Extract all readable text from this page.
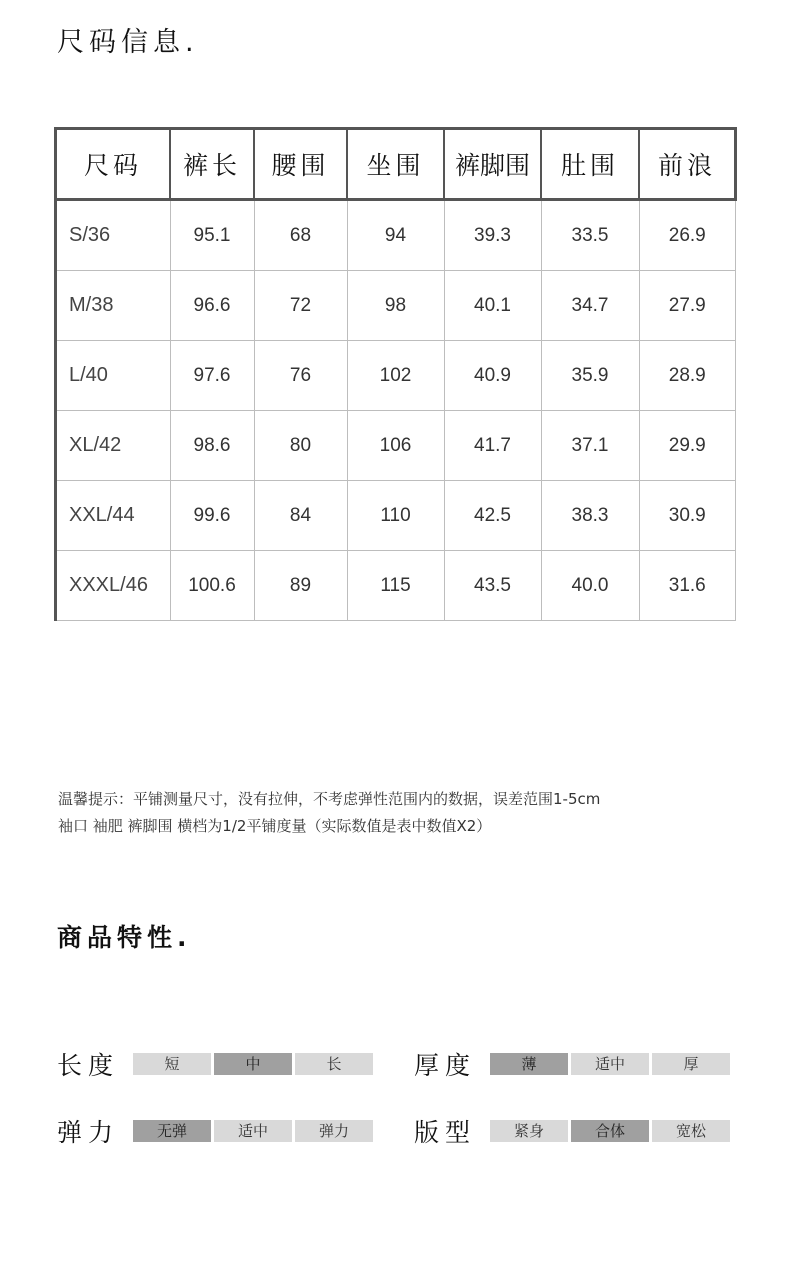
尺码信息.
尺码	裤长	腰围	坐围	裤脚围	肚围	前浪
S/36	95.1	68	94	39.3	33.5	26.9
M/38	96.6	72	98	40.1	34.7	27.9
L/40	97.6	76	102	40.9	35.9	28.9
XL/42	98.6	80	106	41.7	37.1	29.9
XXL/44	99.6	84	110	42.5	38.3	30.9
XXXL/46	100.6	89	115	43.5	40.0	31.6
温馨提示：平铺测量尺寸，没有拉伸，不考虑弹性范围内的数据，误差范围1-5cm
袖口 袖肥 裤脚围 横档为1/2平铺度量（实际数值是表中数值X2）
商品特性.
长度	短	中	长	厚度	薄	适中	厚
弹力	无弹	适中	弹力	版型	紧身	合体	宽松
